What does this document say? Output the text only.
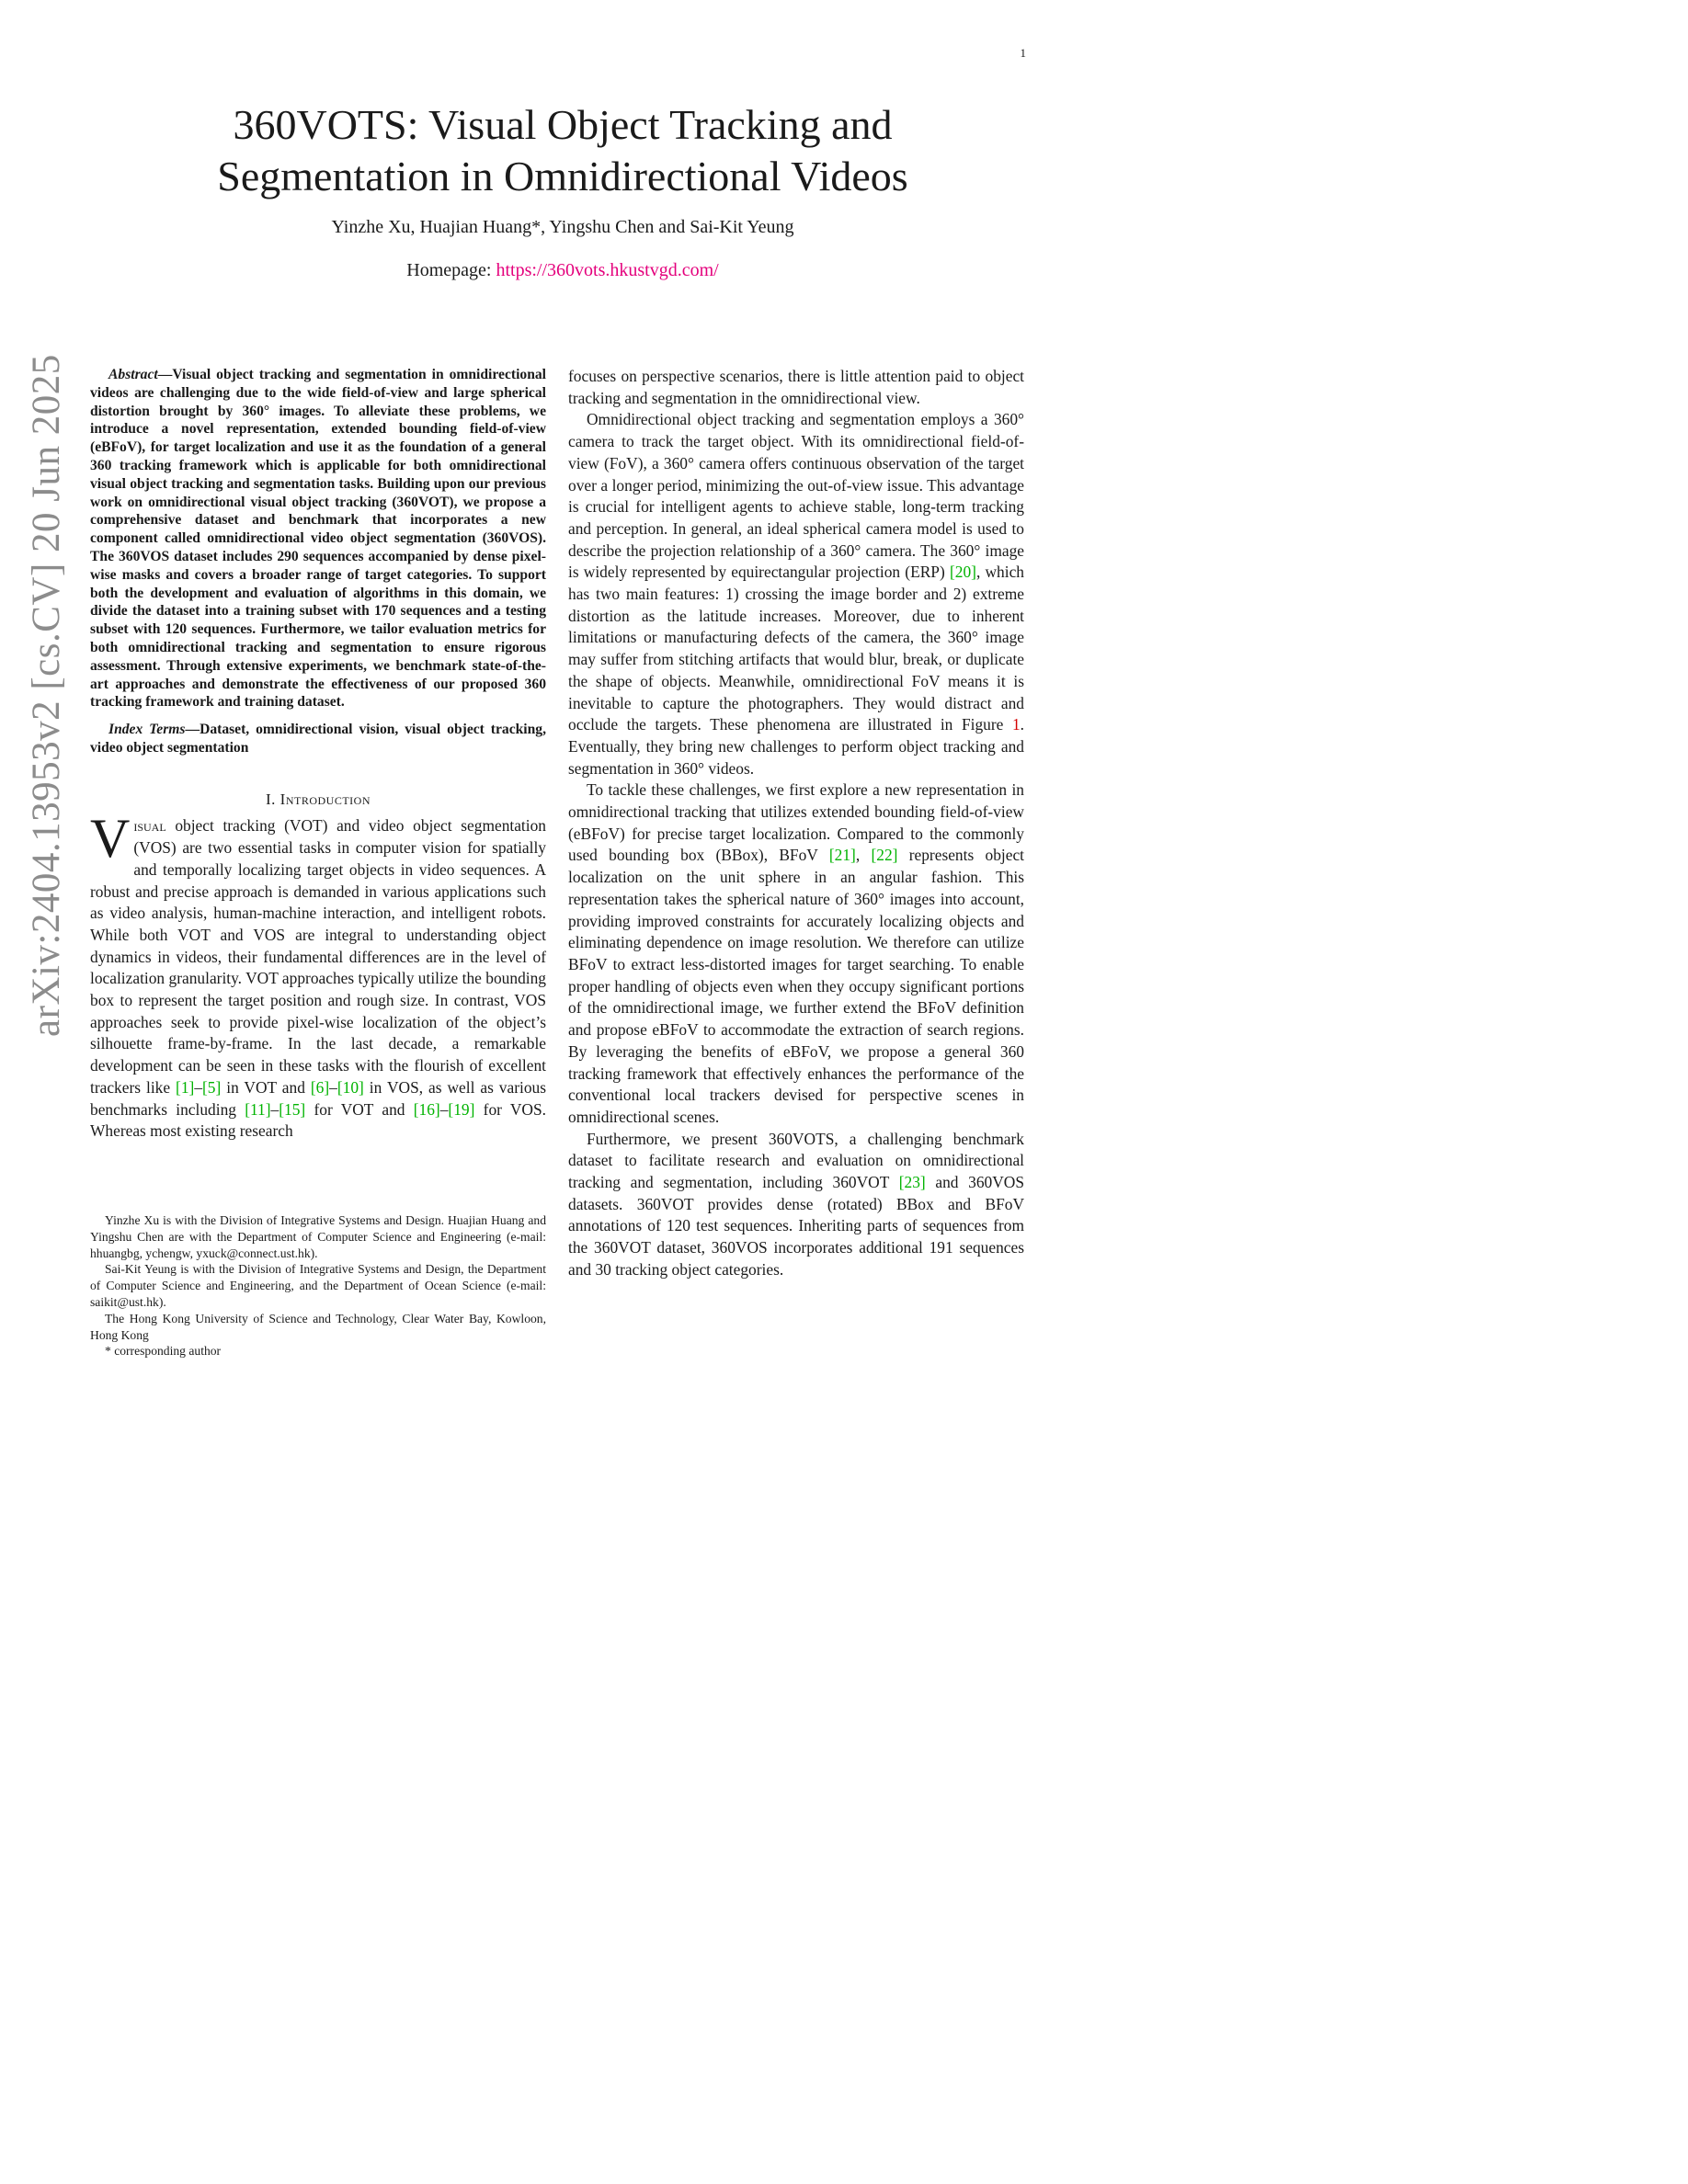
1
arXiv:2404.13953v2 [cs.CV] 20 Jun 2025
360VOTS: Visual Object Tracking and
Segmentation in Omnidirectional Videos
Yinzhe Xu, Huajian Huang*, Yingshu Chen and Sai-Kit Yeung
Homepage: https://360vots.hkustvgd.com/

Abstract—Visual object tracking and segmentation in omnidirectional videos are challenging due to the wide field-of-view and large spherical distortion brought by 360° images. To alleviate these problems, we introduce a novel representation, extended bounding field-of-view (eBFoV), for target localization and use it as the foundation of a general 360 tracking framework which is applicable for both omnidirectional visual object tracking and segmentation tasks. Building upon our previous work on omnidirectional visual object tracking (360VOT), we propose a comprehensive dataset and benchmark that incorporates a new component called omnidirectional video object segmentation (360VOS). The 360VOS dataset includes 290 sequences accompanied by dense pixel-wise masks and covers a broader range of target categories. To support both the development and evaluation of algorithms in this domain, we divide the dataset into a training subset with 170 sequences and a testing subset with 120 sequences. Furthermore, we tailor evaluation metrics for both omnidirectional tracking and segmentation to ensure rigorous assessment. Through extensive experiments, we benchmark state-of-the-art approaches and demonstrate the effectiveness of our proposed 360 tracking framework and training dataset.

Index Terms—Dataset, omnidirectional vision, visual object tracking, video object segmentation

I. Introduction

Visual object tracking (VOT) and video object segmentation (VOS) are two essential tasks in computer vision for spatially and temporally localizing target objects in video sequences. A robust and precise approach is demanded in various applications such as video analysis, human-machine interaction, and intelligent robots. While both VOT and VOS are integral to understanding object dynamics in videos, their fundamental differences are in the level of localization granularity. VOT approaches typically utilize the bounding box to represent the target position and rough size. In contrast, VOS approaches seek to provide pixel-wise localization of the object’s silhouette frame-by-frame. In the last decade, a remarkable development can be seen in these tasks with the flourish of excellent trackers like [1]–[5] in VOT and [6]–[10] in VOS, as well as various benchmarks including [11]–[15] for VOT and [16]–[19] for VOS. Whereas most existing research

focuses on perspective scenarios, there is little attention paid to object tracking and segmentation in the omnidirectional view.

Omnidirectional object tracking and segmentation employs a 360° camera to track the target object. With its omnidirectional field-of-view (FoV), a 360° camera offers continuous observation of the target over a longer period, minimizing the out-of-view issue. This advantage is crucial for intelligent agents to achieve stable, long-term tracking and perception. In general, an ideal spherical camera model is used to describe the projection relationship of a 360° camera. The 360° image is widely represented by equirectangular projection (ERP) [20], which has two main features: 1) crossing the image border and 2) extreme distortion as the latitude increases. Moreover, due to inherent limitations or manufacturing defects of the camera, the 360° image may suffer from stitching artifacts that would blur, break, or duplicate the shape of objects. Meanwhile, omnidirectional FoV means it is inevitable to capture the photographers. They would distract and occlude the targets. These phenomena are illustrated in Figure 1. Eventually, they bring new challenges to perform object tracking and segmentation in 360° videos.

To tackle these challenges, we first explore a new representation in omnidirectional tracking that utilizes extended bounding field-of-view (eBFoV) for precise target localization. Compared to the commonly used bounding box (BBox), BFoV [21], [22] represents object localization on the unit sphere in an angular fashion. This representation takes the spherical nature of 360° images into account, providing improved constraints for accurately localizing objects and eliminating dependence on image resolution. We therefore can utilize BFoV to extract less-distorted images for target searching. To enable proper handling of objects even when they occupy significant portions of the omnidirectional image, we further extend the BFoV definition and propose eBFoV to accommodate the extraction of search regions. By leveraging the benefits of eBFoV, we propose a general 360 tracking framework that effectively enhances the performance of the conventional local trackers devised for perspective scenes in omnidirectional scenes.

Furthermore, we present 360VOTS, a challenging benchmark dataset to facilitate research and evaluation on omnidirectional tracking and segmentation, including 360VOT [23] and 360VOS datasets. 360VOT provides dense (rotated) BBox and BFoV annotations of 120 test sequences. Inheriting parts of sequences from the 360VOT dataset, 360VOS incorporates additional 191 sequences and 30 tracking object categories.

Yinzhe Xu is with the Division of Integrative Systems and Design. Huajian Huang and Yingshu Chen are with the Department of Computer Science and Engineering (e-mail: hhuangbg, ychengw, yxuck@connect.ust.hk).

Sai-Kit Yeung is with the Division of Integrative Systems and Design, the Department of Computer Science and Engineering, and the Department of Ocean Science (e-mail: saikit@ust.hk).

The Hong Kong University of Science and Technology, Clear Water Bay, Kowloon, Hong Kong

* corresponding author
